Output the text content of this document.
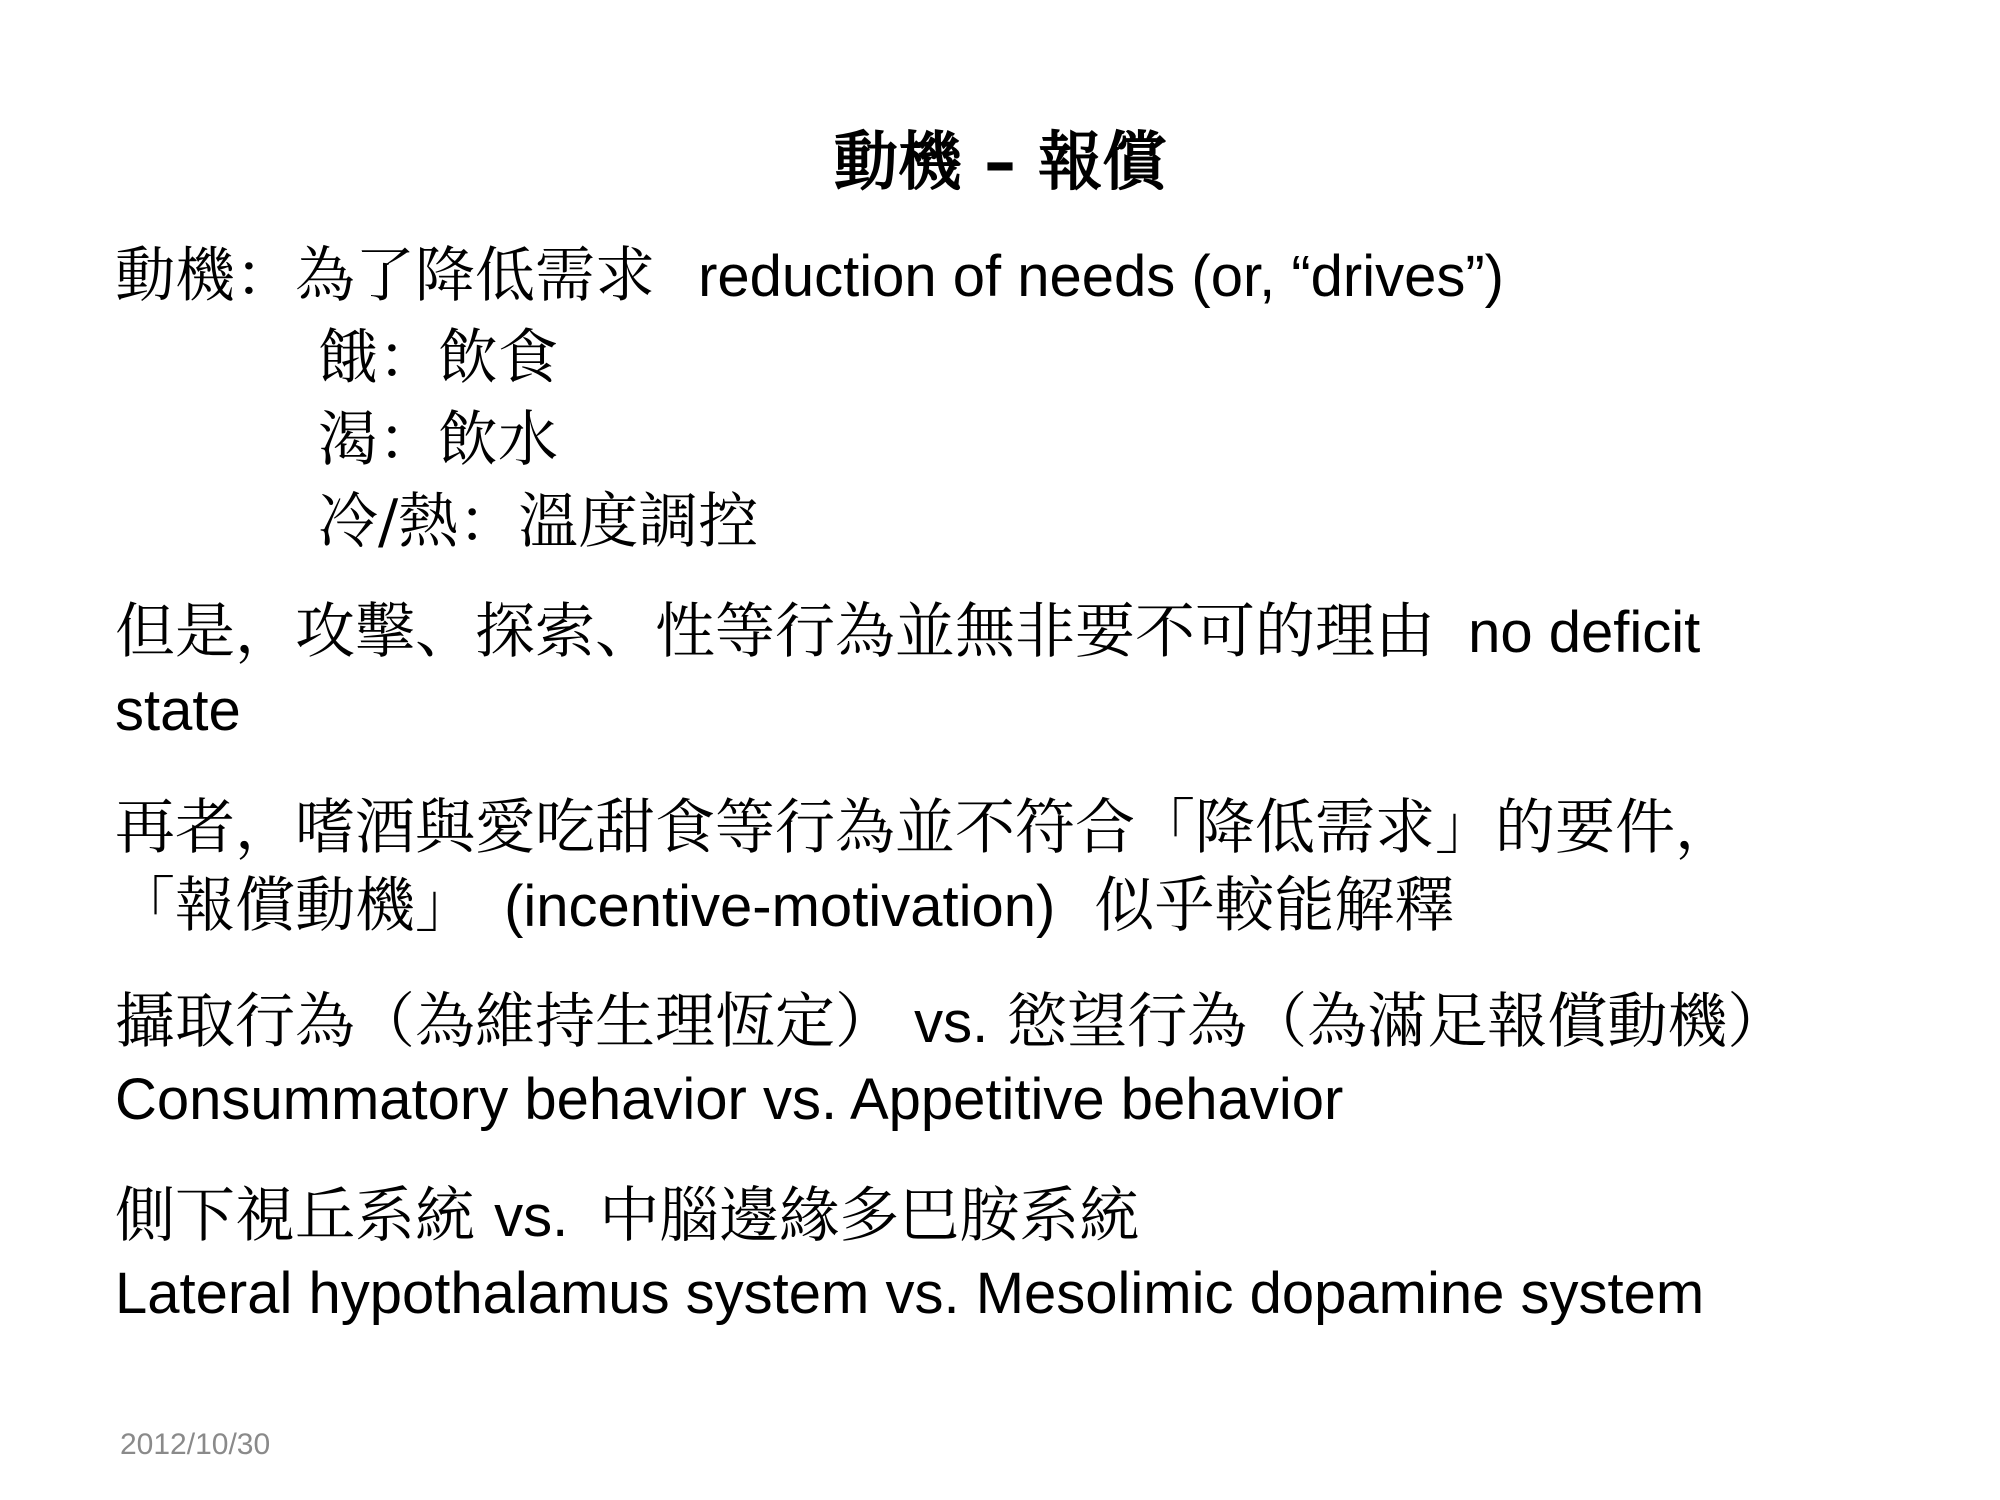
動機 – 報償
動機：為了降低需求 reduction of needs (or, “drives”)
餓：飲食
渴：飲水
冷/熱：溫度調控
但是，攻擊、探索、性等行為並無非要不可的理由 no deficit
state
再者，嗜酒與愛吃甜食等行為並不符合「降低需求」的要件，
「報償動機」 (incentive-motivation) 似乎較能解釋
攝取行為（為維持生理恆定） vs. 慾望行為（為滿足報償動機）
Consummatory behavior vs. Appetitive behavior
側下視丘系統 vs. 中腦邊緣多巴胺系統
Lateral hypothalamus system vs. Mesolimic dopamine system
2012/10/30
